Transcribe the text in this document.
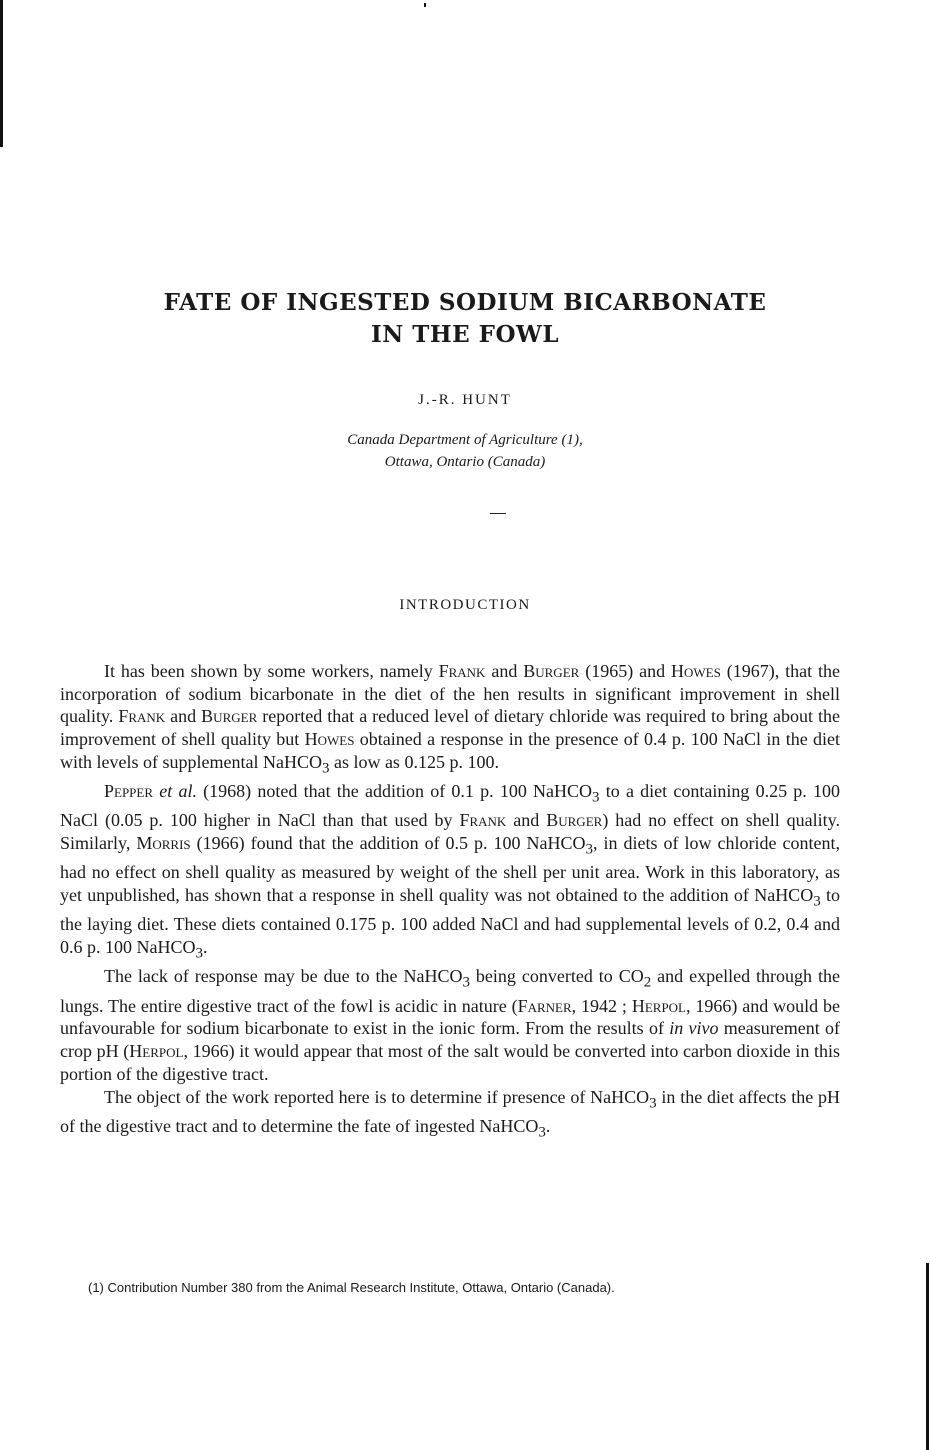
FATE OF INGESTED SODIUM BICARBONATE
IN THE FOWL
J.-R. HUNT
Canada Department of Agriculture (1),
Ottawa, Ontario (Canada)
INTRODUCTION

It has been shown by some workers, namely Frank and Burger (1965) and Howes (1967), that the incorporation of sodium bicarbonate in the diet of the hen results in significant improvement in shell quality. Frank and Burger reported that a reduced level of dietary chloride was required to bring about the improvement of shell quality but Howes obtained a response in the presence of 0.4 p. 100 NaCl in the diet with levels of supplemental NaHCO$_3$ as low as 0.125 p. 100.

Pepper et al. (1968) noted that the addition of 0.1 p. 100 NaHCO$_3$ to a diet containing 0.25 p. 100 NaCl (0.05 p. 100 higher in NaCl than that used by Frank and Burger) had no effect on shell quality. Similarly, Morris (1966) found that the addition of 0.5 p. 100 NaHCO$_3$, in diets of low chloride content, had no effect on shell quality as measured by weight of the shell per unit area. Work in this laboratory, as yet unpublished, has shown that a response in shell quality was not obtained to the addition of NaHCO$_3$ to the laying diet. These diets contained 0.175 p. 100 added NaCl and had supplemental levels of 0.2, 0.4 and 0.6 p. 100 NaHCO$_3$.

The lack of response may be due to the NaHCO$_3$ being converted to $CO_2$ and expelled through the lungs. The entire digestive tract of the fowl is acidic in nature (Farner, 1942 ; Herpol, 1966) and would be unfavourable for sodium bicarbonate to exist in the ionic form. From the results of in vivo measurement of crop pH (Herpol, 1966) it would appear that most of the salt would be converted into carbon dioxide in this portion of the digestive tract.

The object of the work reported here is to determine if presence of NaHCO$_3$ in the diet affects the pH of the digestive tract and to determine the fate of ingested NaHCO$_3$.

(1) Contribution Number 380 from the Animal Research Institute, Ottawa, Ontario (Canada).
